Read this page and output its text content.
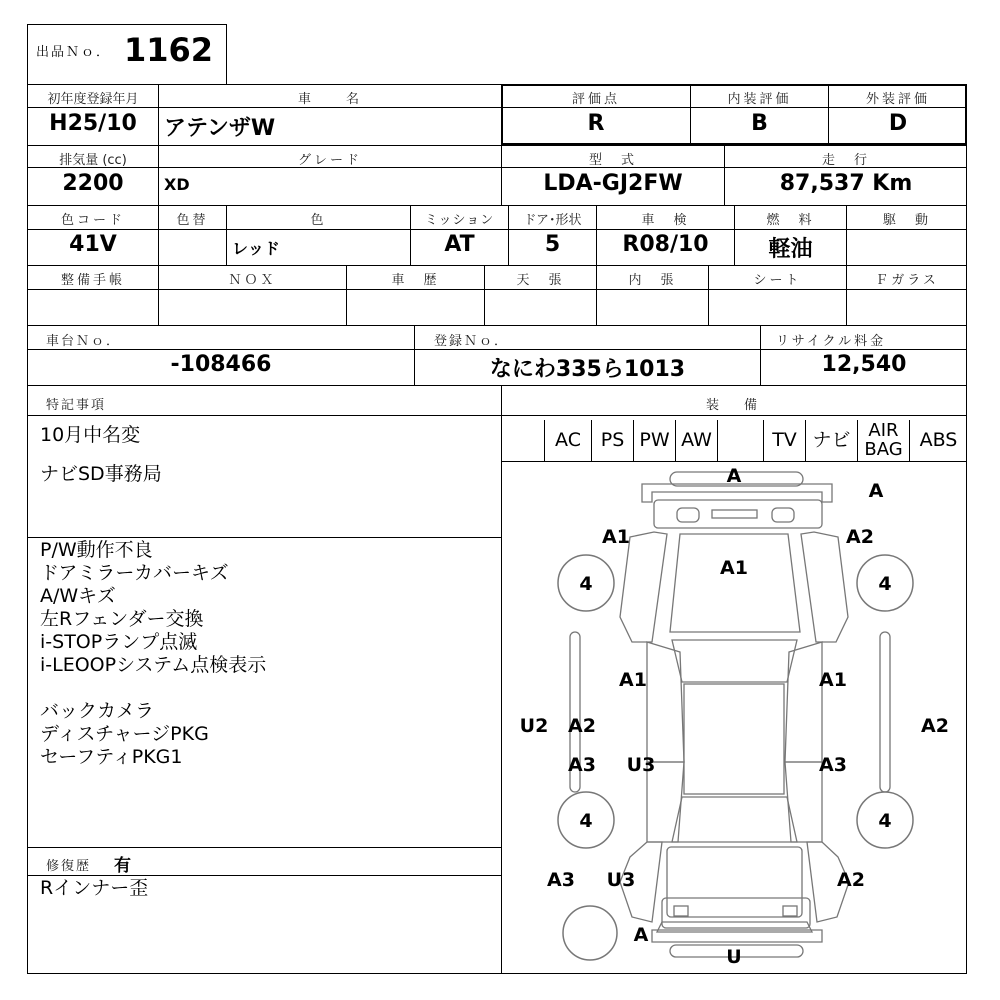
出品Ｎｏ． 1162
初年度登録年月
H25/10
車　　名
アテンザW
評価点
R
内装評価
B
外装評価
D
排気量 (cc)
2200
グレード
XD
型　式
LDA-GJ2FW
走　行
87,537 Km
色コード
41V
色替	色
レッド
ミッション
AT
ドア･形状
5
車　検
R08/10
燃　料
軽油
駆　動
整備手帳	ＮＯＸ	車　歴	天　張	内　張	シート	Ｆガラス
車台Ｎｏ．
-108466
登録Ｎｏ．
なにわ335ら1013
リサイクル料金
12,540
特記事項	装　備
10月中名変
ナビSD事務局
P/W動作不良
ドアミラーカバーキズ
A/Wキズ
左Rフェンダー交換
i-STOPランプ点滅
i-LEOOPシステム点検表示
バックカメラ
ディスチャージPKG
セーフティPKG1
修復歴 有
Rインナー歪
AC	PS PW AW	TV ナビ AIR BAG ABS
A
A
A1
A1
A2
4	4
A1	A1
U2 A2	A2
A3 U3	A3
4	4
A3 U3	A2
A
U
